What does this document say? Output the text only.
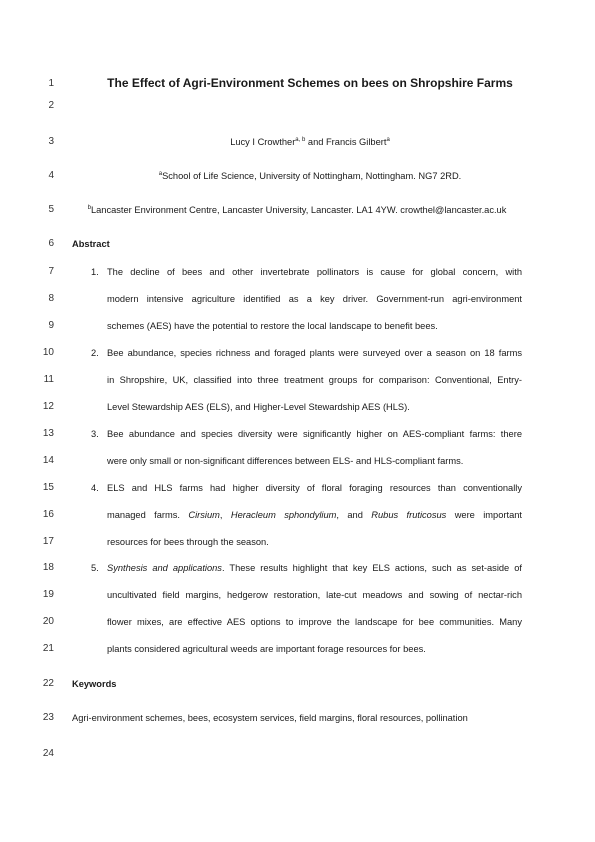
1
2
3
4
5
6
7
8
9
10
11
12
13
14
15
16
17
18
19
20
21
22
23
24
The Effect of Agri-Environment Schemes on bees on Shropshire Farms
Lucy I Crowther$^{a, b}$ and Francis Gilbert$^a$
$^a$School of Life Science, University of Nottingham, Nottingham. NG7 2RD.
$^b$Lancaster Environment Centre, Lancaster University, Lancaster. LA1 4YW. crowthel@lancaster.ac.uk
Abstract
1. The decline of bees and other invertebrate pollinators is cause for global concern, with
modern intensive agriculture identified as a key driver. Government-run agri-environment
schemes (AES) have the potential to restore the local landscape to benefit bees.
2. Bee abundance, species richness and foraged plants were surveyed over a season on 18 farms
in Shropshire, UK, classified into three treatment groups for comparison: Conventional, Entry-
Level Stewardship AES (ELS), and Higher-Level Stewardship AES (HLS).
3. Bee abundance and species diversity were significantly higher on AES-compliant farms: there
were only small or non-significant differences between ELS- and HLS-compliant farms.
4. ELS and HLS farms had higher diversity of floral foraging resources than conventionally
managed farms. Cirsium, Heracleum sphondylium, and Rubus fruticosus were important
resources for bees through the season.
5. Synthesis and applications. These results highlight that key ELS actions, such as set-aside of
uncultivated field margins, hedgerow restoration, late-cut meadows and sowing of nectar-rich
flower mixes, are effective AES options to improve the landscape for bee communities. Many
plants considered agricultural weeds are important forage resources for bees.
Keywords
Agri-environment schemes, bees, ecosystem services, field margins, floral resources, pollination
